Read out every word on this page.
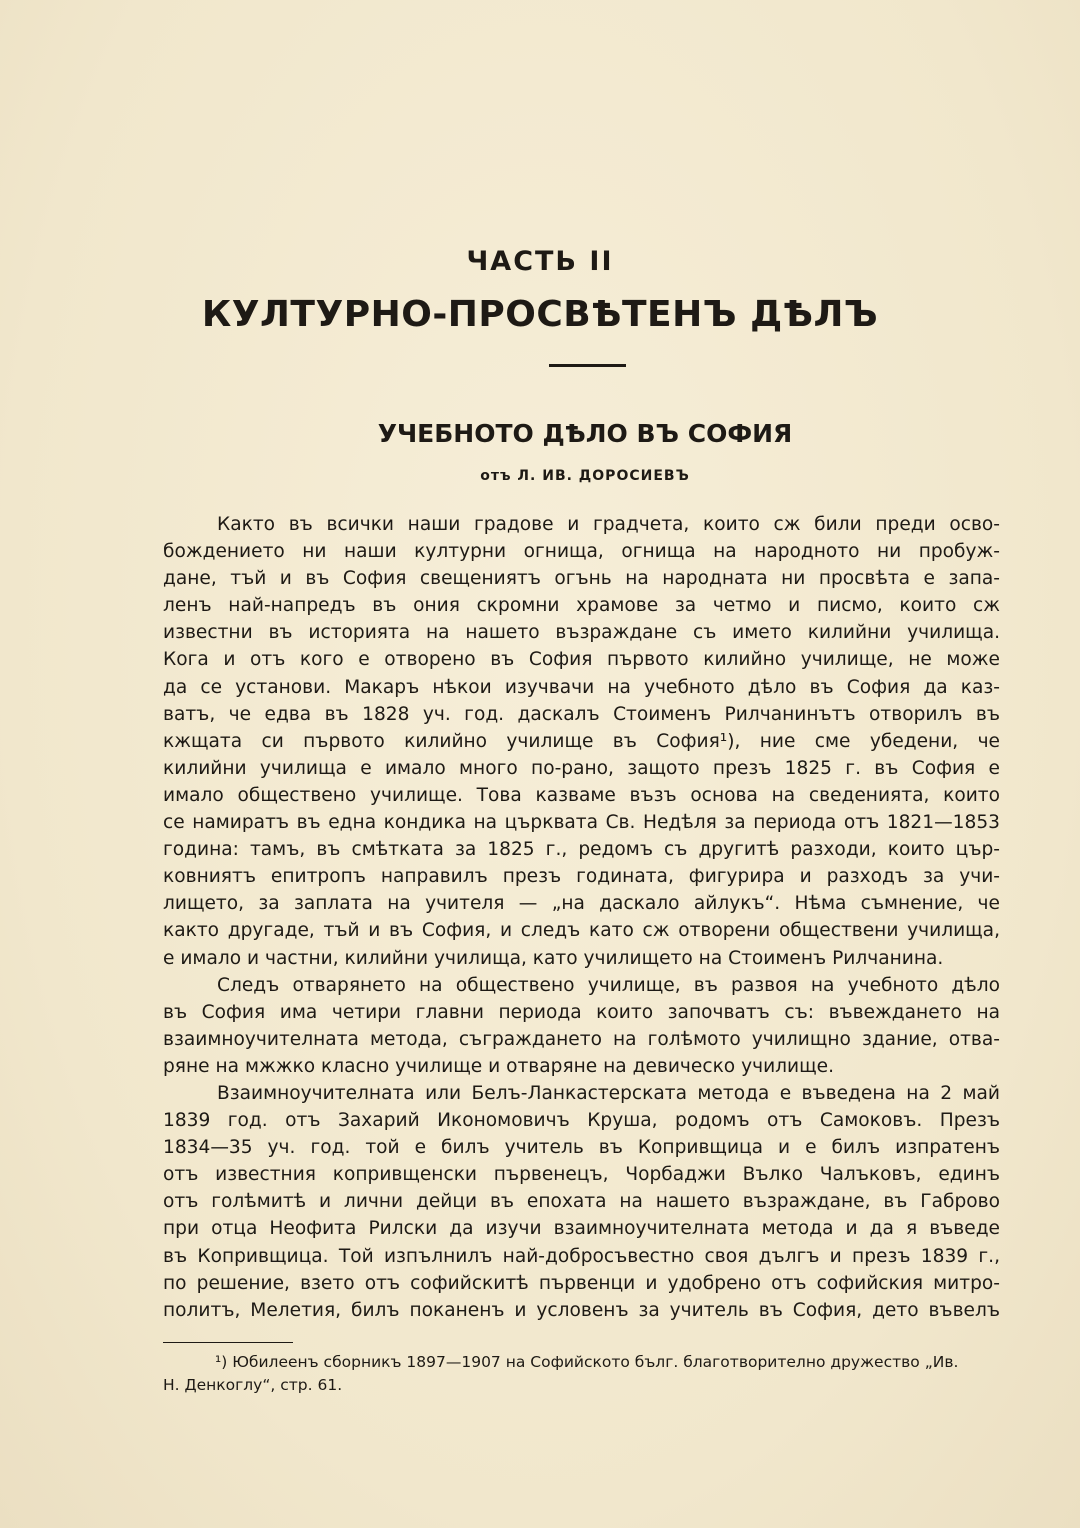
ЧАСТЬ II
КУЛТУРНО-ПРОСВѢТЕНЪ ДѢЛЪ
УЧЕБНОТО ДѢЛО ВЪ СОФИЯ
отъ Л. ИВ. ДОРОСИЕВЪ
Както въ всички наши градове и градчета, които сж били преди осво-
бождението ни наши културни огнища, огнища на народното ни пробуж-
дане, тъй и въ София свещениятъ огънь на народната ни просвѣта е запа-
ленъ най-напредъ въ ония скромни храмове за четмо и писмо, които сж
известни въ историята на нашето възраждане съ името килийни училища.
Кога и отъ кого е отворено въ София първото килийно училище, не може
да се установи. Макаръ нѣкои изучвачи на учебното дѣло въ София да каз-
ватъ, че едва въ 1828 уч. год. даскалъ Стоименъ Рилчанинътъ отворилъ въ
кжщата си първото килийно училище въ София¹), ние сме убедени, че
килийни училища е имало много по-рано, защото презъ 1825 г. въ София е
имало обществено училище. Това казваме възъ основа на сведенията, които
се намиратъ въ една кондика на църквата Св. Недѣля за периода отъ 1821—1853
година: тамъ, въ смѣтката за 1825 г., редомъ съ другитѣ разходи, които цър-
ковниятъ епитропъ направилъ презъ годината, фигурира и разходъ за учи-
лището, за заплата на учителя — „на даскало айлукъ“. Нѣма съмнение, че
както другаде, тъй и въ София, и следъ като сж отворени обществени училища,
е имало и частни, килийни училища, като училището на Стоименъ Рилчанина.
Следъ отварянето на обществено училище, въ развоя на учебното дѣло
въ София има четири главни периода които започватъ съ: въвеждането на
взаимноучителната метода, съграждането на голѣмото училищно здание, отва-
ряне на мжжко класно училище и отваряне на девическо училище.
Взаимноучителната или Белъ-Ланкастерската метода е въведена на 2 май
1839 год. отъ Захарий Икономовичъ Круша, родомъ отъ Самоковъ. Презъ
1834—35 уч. год. той е билъ учитель въ Копривщица и е билъ изпратенъ
отъ известния копривщенски първенецъ, Чорбаджи Вълко Чалъковъ, единъ
отъ голѣмитѣ и лични дейци въ епохата на нашето възраждане, въ Габрово
при отца Неофита Рилски да изучи взаимноучителната метода и да я въведе
въ Копривщица. Той изпълнилъ най-добросъвестно своя дългъ и презъ 1839 г.,
по решение, взето отъ софийскитѣ първенци и удобрено отъ софийския митро-
политъ, Мелетия, билъ поканенъ и условенъ за учитель въ София, дето въвелъ
¹) Юбилеенъ сборникъ 1897—1907 на Софийското бълг. благотворително дружество „Ив.
Н. Денкоглу“, стр. 61.
